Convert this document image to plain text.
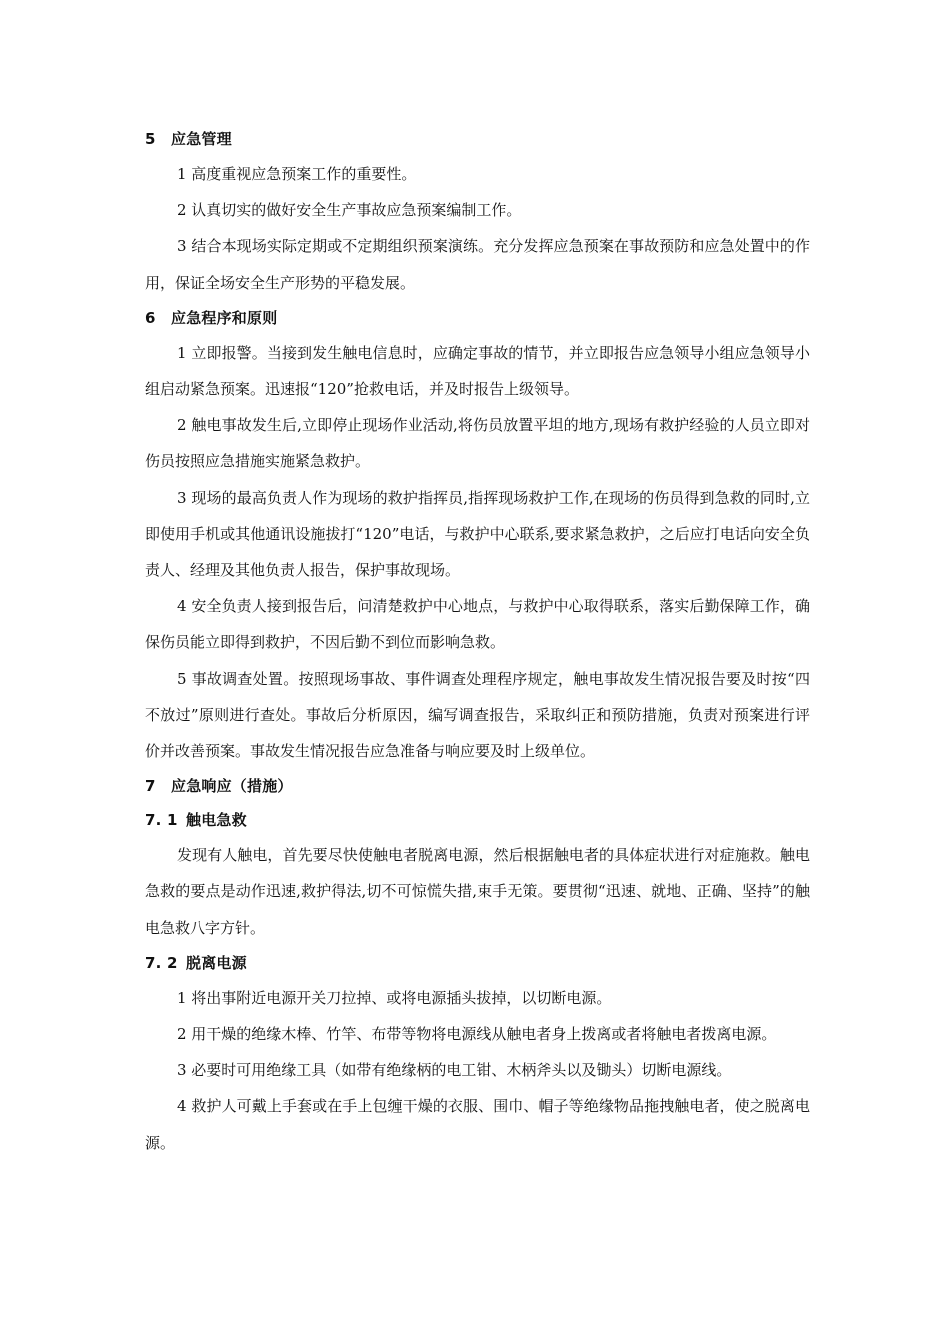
5 应急管理

1 高度重视应急预案工作的重要性。

2 认真切实的做好安全生产事故应急预案编制工作。

3 结合本现场实际定期或不定期组织预案演练。充分发挥应急预案在事故预防和应急处置中的作用，保证全场安全生产形势的平稳发展。

6 应急程序和原则

1 立即报警。当接到发生触电信息时，应确定事故的情节，并立即报告应急领导小组应急领导小组启动紧急预案。迅速报“120”抢救电话，并及时报告上级领导。

2 触电事故发生后,立即停止现场作业活动,将伤员放置平坦的地方,现场有救护经验的人员立即对伤员按照应急措施实施紧急救护。

3 现场的最高负责人作为现场的救护指挥员,指挥现场救护工作,在现场的伤员得到急救的同时,立即使用手机或其他通讯设施拔打“120”电话，与救护中心联系,要求紧急救护，之后应打电话向安全负责人、经理及其他负责人报告，保护事故现场。

4 安全负责人接到报告后，问清楚救护中心地点，与救护中心取得联系，落实后勤保障工作，确保伤员能立即得到救护，不因后勤不到位而影响急救。

5 事故调查处置。按照现场事故、事件调查处理程序规定，触电事故发生情况报告要及时按“四不放过”原则进行查处。事故后分析原因，编写调查报告，采取纠正和预防措施，负责对预案进行评价并改善预案。事故发生情况报告应急准备与响应要及时上级单位。

7 应急响应（措施）
7. 1 触电急救

发现有人触电，首先要尽快使触电者脱离电源，然后根据触电者的具体症状进行对症施救。触电急救的要点是动作迅速,救护得法,切不可惊慌失措,束手无策。要贯彻“迅速、就地、正确、坚持”的触电急救八字方针。

7. 2 脱离电源

1 将出事附近电源开关刀拉掉、或将电源插头拔掉，以切断电源。

2 用干燥的绝缘木棒、竹竿、布带等物将电源线从触电者身上拨离或者将触电者拨离电源。

3 必要时可用绝缘工具（如带有绝缘柄的电工钳、木柄斧头以及锄头）切断电源线。

4 救护人可戴上手套或在手上包缠干燥的衣服、围巾、帽子等绝缘物品拖拽触电者，使之脱离电源。
